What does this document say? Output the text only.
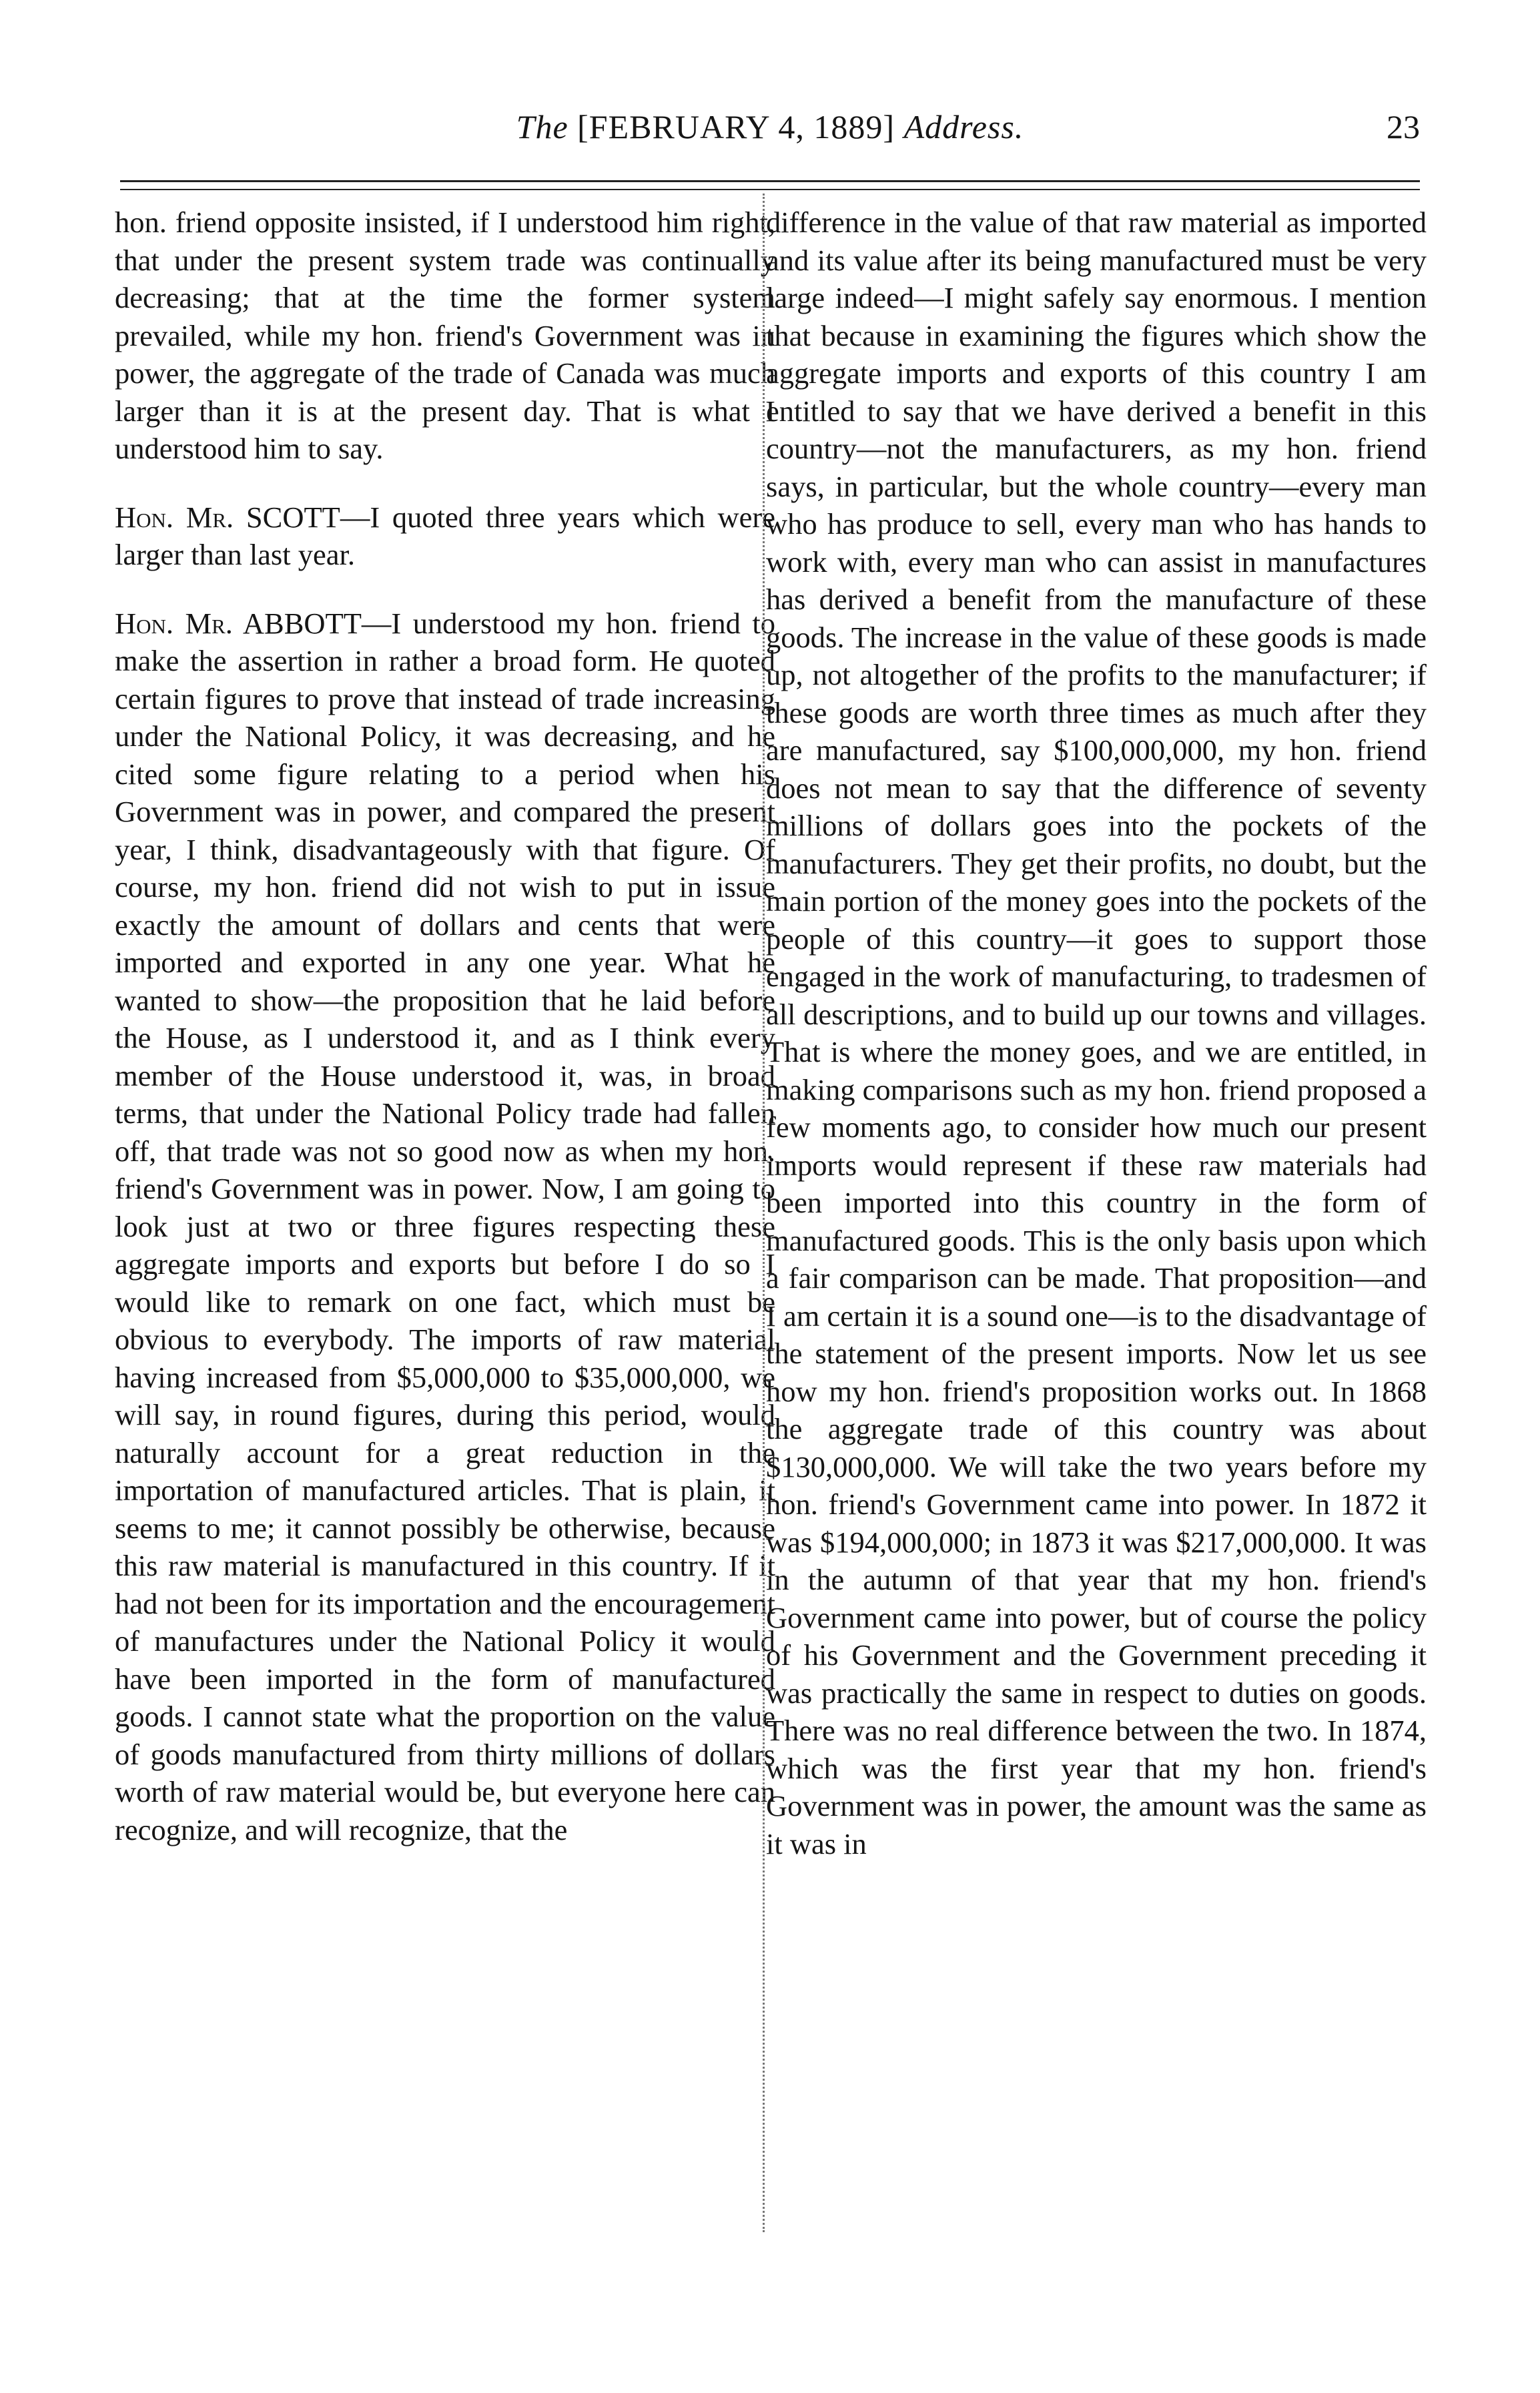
The [FEBRUARY 4, 1889] Address.	23

hon. friend opposite insisted, if I understood him right, that under the present system trade was continually decreasing; that at the time the former system prevailed, while my hon. friend's Government was in power, the aggregate of the trade of Canada was much larger than it is at the present day. That is what I understood him to say.

Hon. Mr. SCOTT—I quoted three years which were larger than last year.

Hon. Mr. ABBOTT—I understood my hon. friend to make the assertion in rather a broad form. He quoted certain figures to prove that instead of trade increasing under the National Policy, it was decreasing, and he cited some figure relating to a period when his Government was in power, and compared the present year, I think, disadvantageously with that figure. Of course, my hon. friend did not wish to put in issue exactly the amount of dollars and cents that were imported and exported in any one year. What he wanted to show—the proposition that he laid before the House, as I understood it, and as I think every member of the House understood it, was, in broad terms, that under the National Policy trade had fallen off, that trade was not so good now as when my hon. friend's Government was in power. Now, I am going to look just at two or three figures respecting these aggregate imports and exports but before I do so I would like to remark on one fact, which must be obvious to everybody. The imports of raw material having increased from $5,000,000 to $35,000,000, we will say, in round figures, during this period, would naturally account for a great reduction in the importation of manufactured articles. That is plain, it seems to me; it cannot possibly be otherwise, because this raw material is manufactured in this country. If it had not been for its importation and the encouragement of manufactures under the National Policy it would have been imported in the form of manufactured goods. I cannot state what the proportion on the value of goods manufactured from thirty millions of dollars worth of raw material would be, but everyone here can recognize, and will recognize, that the

difference in the value of that raw material as imported and its value after its being manufactured must be very large indeed—I might safely say enormous. I mention that because in examining the figures which show the aggregate imports and exports of this country I am entitled to say that we have derived a benefit in this country—not the manufacturers, as my hon. friend says, in particular, but the whole country—every man who has produce to sell, every man who has hands to work with, every man who can assist in manufactures has derived a benefit from the manufacture of these goods. The increase in the value of these goods is made up, not altogether of the profits to the manufacturer; if these goods are worth three times as much after they are manufactured, say $100,000,000, my hon. friend does not mean to say that the difference of seventy millions of dollars goes into the pockets of the manufacturers. They get their profits, no doubt, but the main portion of the money goes into the pockets of the people of this country—it goes to support those engaged in the work of manufacturing, to tradesmen of all descriptions, and to build up our towns and villages. That is where the money goes, and we are entitled, in making comparisons such as my hon. friend proposed a few moments ago, to consider how much our present imports would represent if these raw materials had been imported into this country in the form of manufactured goods. This is the only basis upon which a fair comparison can be made. That proposition—and I am certain it is a sound one—is to the disadvantage of the statement of the present imports. Now let us see how my hon. friend's proposition works out. In 1868 the aggregate trade of this country was about $130,000,000. We will take the two years before my hon. friend's Government came into power. In 1872 it was $194,000,000; in 1873 it was $217,000,000. It was in the autumn of that year that my hon. friend's Government came into power, but of course the policy of his Government and the Government preceding it was practically the same in respect to duties on goods. There was no real difference between the two. In 1874, which was the first year that my hon. friend's Government was in power, the amount was the same as it was in
